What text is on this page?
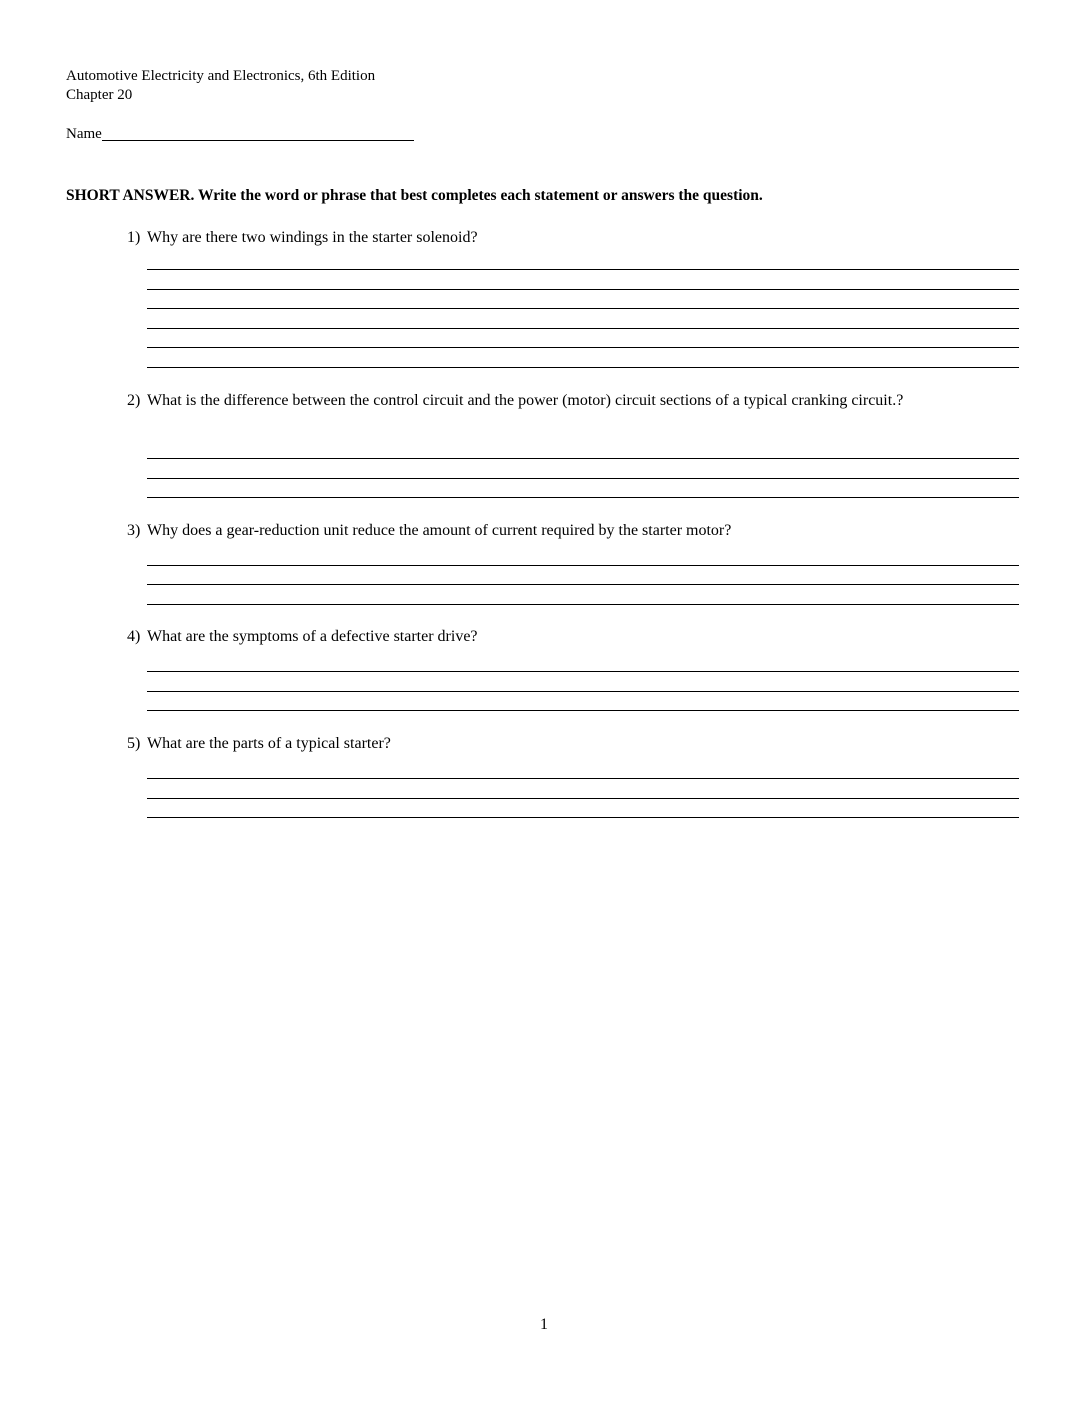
Automotive Electricity and Electronics, 6th Edition
Chapter 20
Name
SHORT ANSWER. Write the word or phrase that best completes each statement or answers the question.
1) Why are there two windings in the starter solenoid?
2) What is the difference between the control circuit and the power (motor) circuit sections of a typical cranking circuit.?
3) Why does a gear-reduction unit reduce the amount of current required by the starter motor?
4) What are the symptoms of a defective starter drive?
5) What are the parts of a typical starter?
1
